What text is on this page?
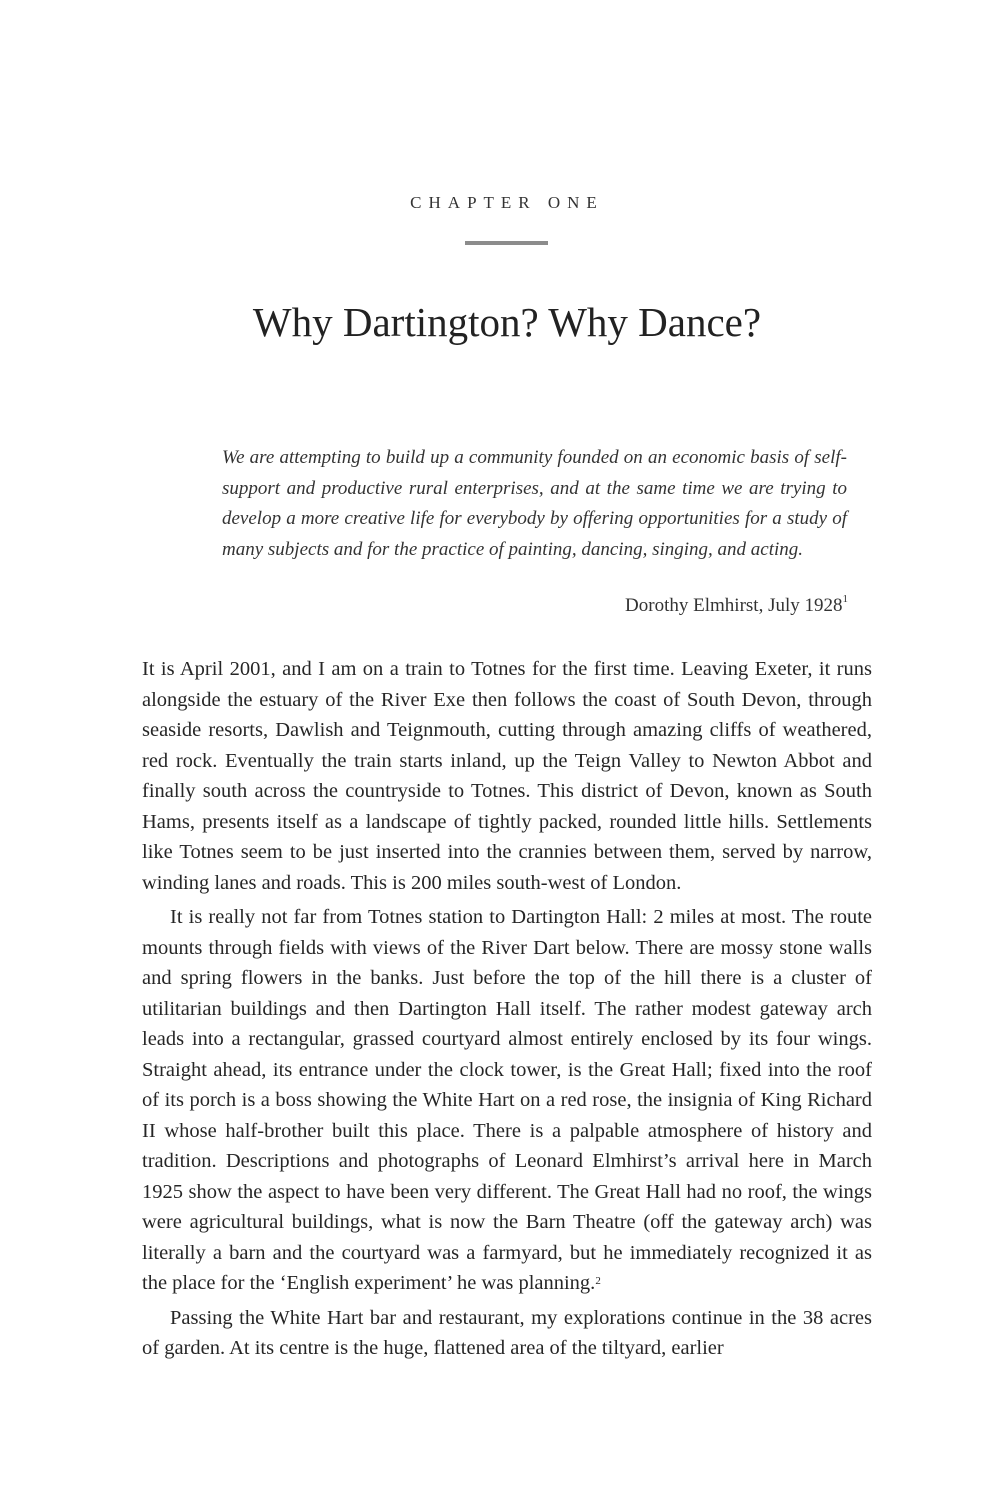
CHAPTER ONE
Why Dartington? Why Dance?

We are attempting to build up a community founded on an economic basis of self-support and productive rural enterprises, and at the same time we are trying to develop a more creative life for everybody by offering opportunities for a study of many subjects and for the practice of painting, dancing, singing, and acting.

Dorothy Elmhirst, July 1928$^1$

It is April 2001, and I am on a train to Totnes for the first time. Leaving Exeter, it runs alongside the estuary of the River Exe then follows the coast of South Devon, through seaside resorts, Dawlish and Teignmouth, cutting through amazing cliffs of weathered, red rock. Eventually the train starts inland, up the Teign Valley to Newton Abbot and finally south across the countryside to Totnes. This district of Devon, known as South Hams, presents itself as a landscape of tightly packed, rounded little hills. Settlements like Totnes seem to be just inserted into the crannies between them, served by narrow, winding lanes and roads. This is 200 miles south-west of London.

It is really not far from Totnes station to Dartington Hall: 2 miles at most. The route mounts through fields with views of the River Dart below. There are mossy stone walls and spring flowers in the banks. Just before the top of the hill there is a cluster of utilitarian buildings and then Dartington Hall itself. The rather modest gateway arch leads into a rectangular, grassed courtyard almost entirely enclosed by its four wings. Straight ahead, its entrance under the clock tower, is the Great Hall; fixed into the roof of its porch is a boss showing the White Hart on a red rose, the insignia of King Richard II whose half-brother built this place. There is a palpable atmosphere of history and tradition. Descriptions and photographs of Leonard Elmhirst’s arrival here in March 1925 show the aspect to have been very different. The Great Hall had no roof, the wings were agricultural buildings, what is now the Barn Theatre (off the gateway arch) was literally a barn and the courtyard was a farmyard, but he immediately recognized it as the place for the ‘English experiment’ he was planning.$^2$

Passing the White Hart bar and restaurant, my explorations continue in the 38 acres of garden. At its centre is the huge, flattened area of the tiltyard, earlier
